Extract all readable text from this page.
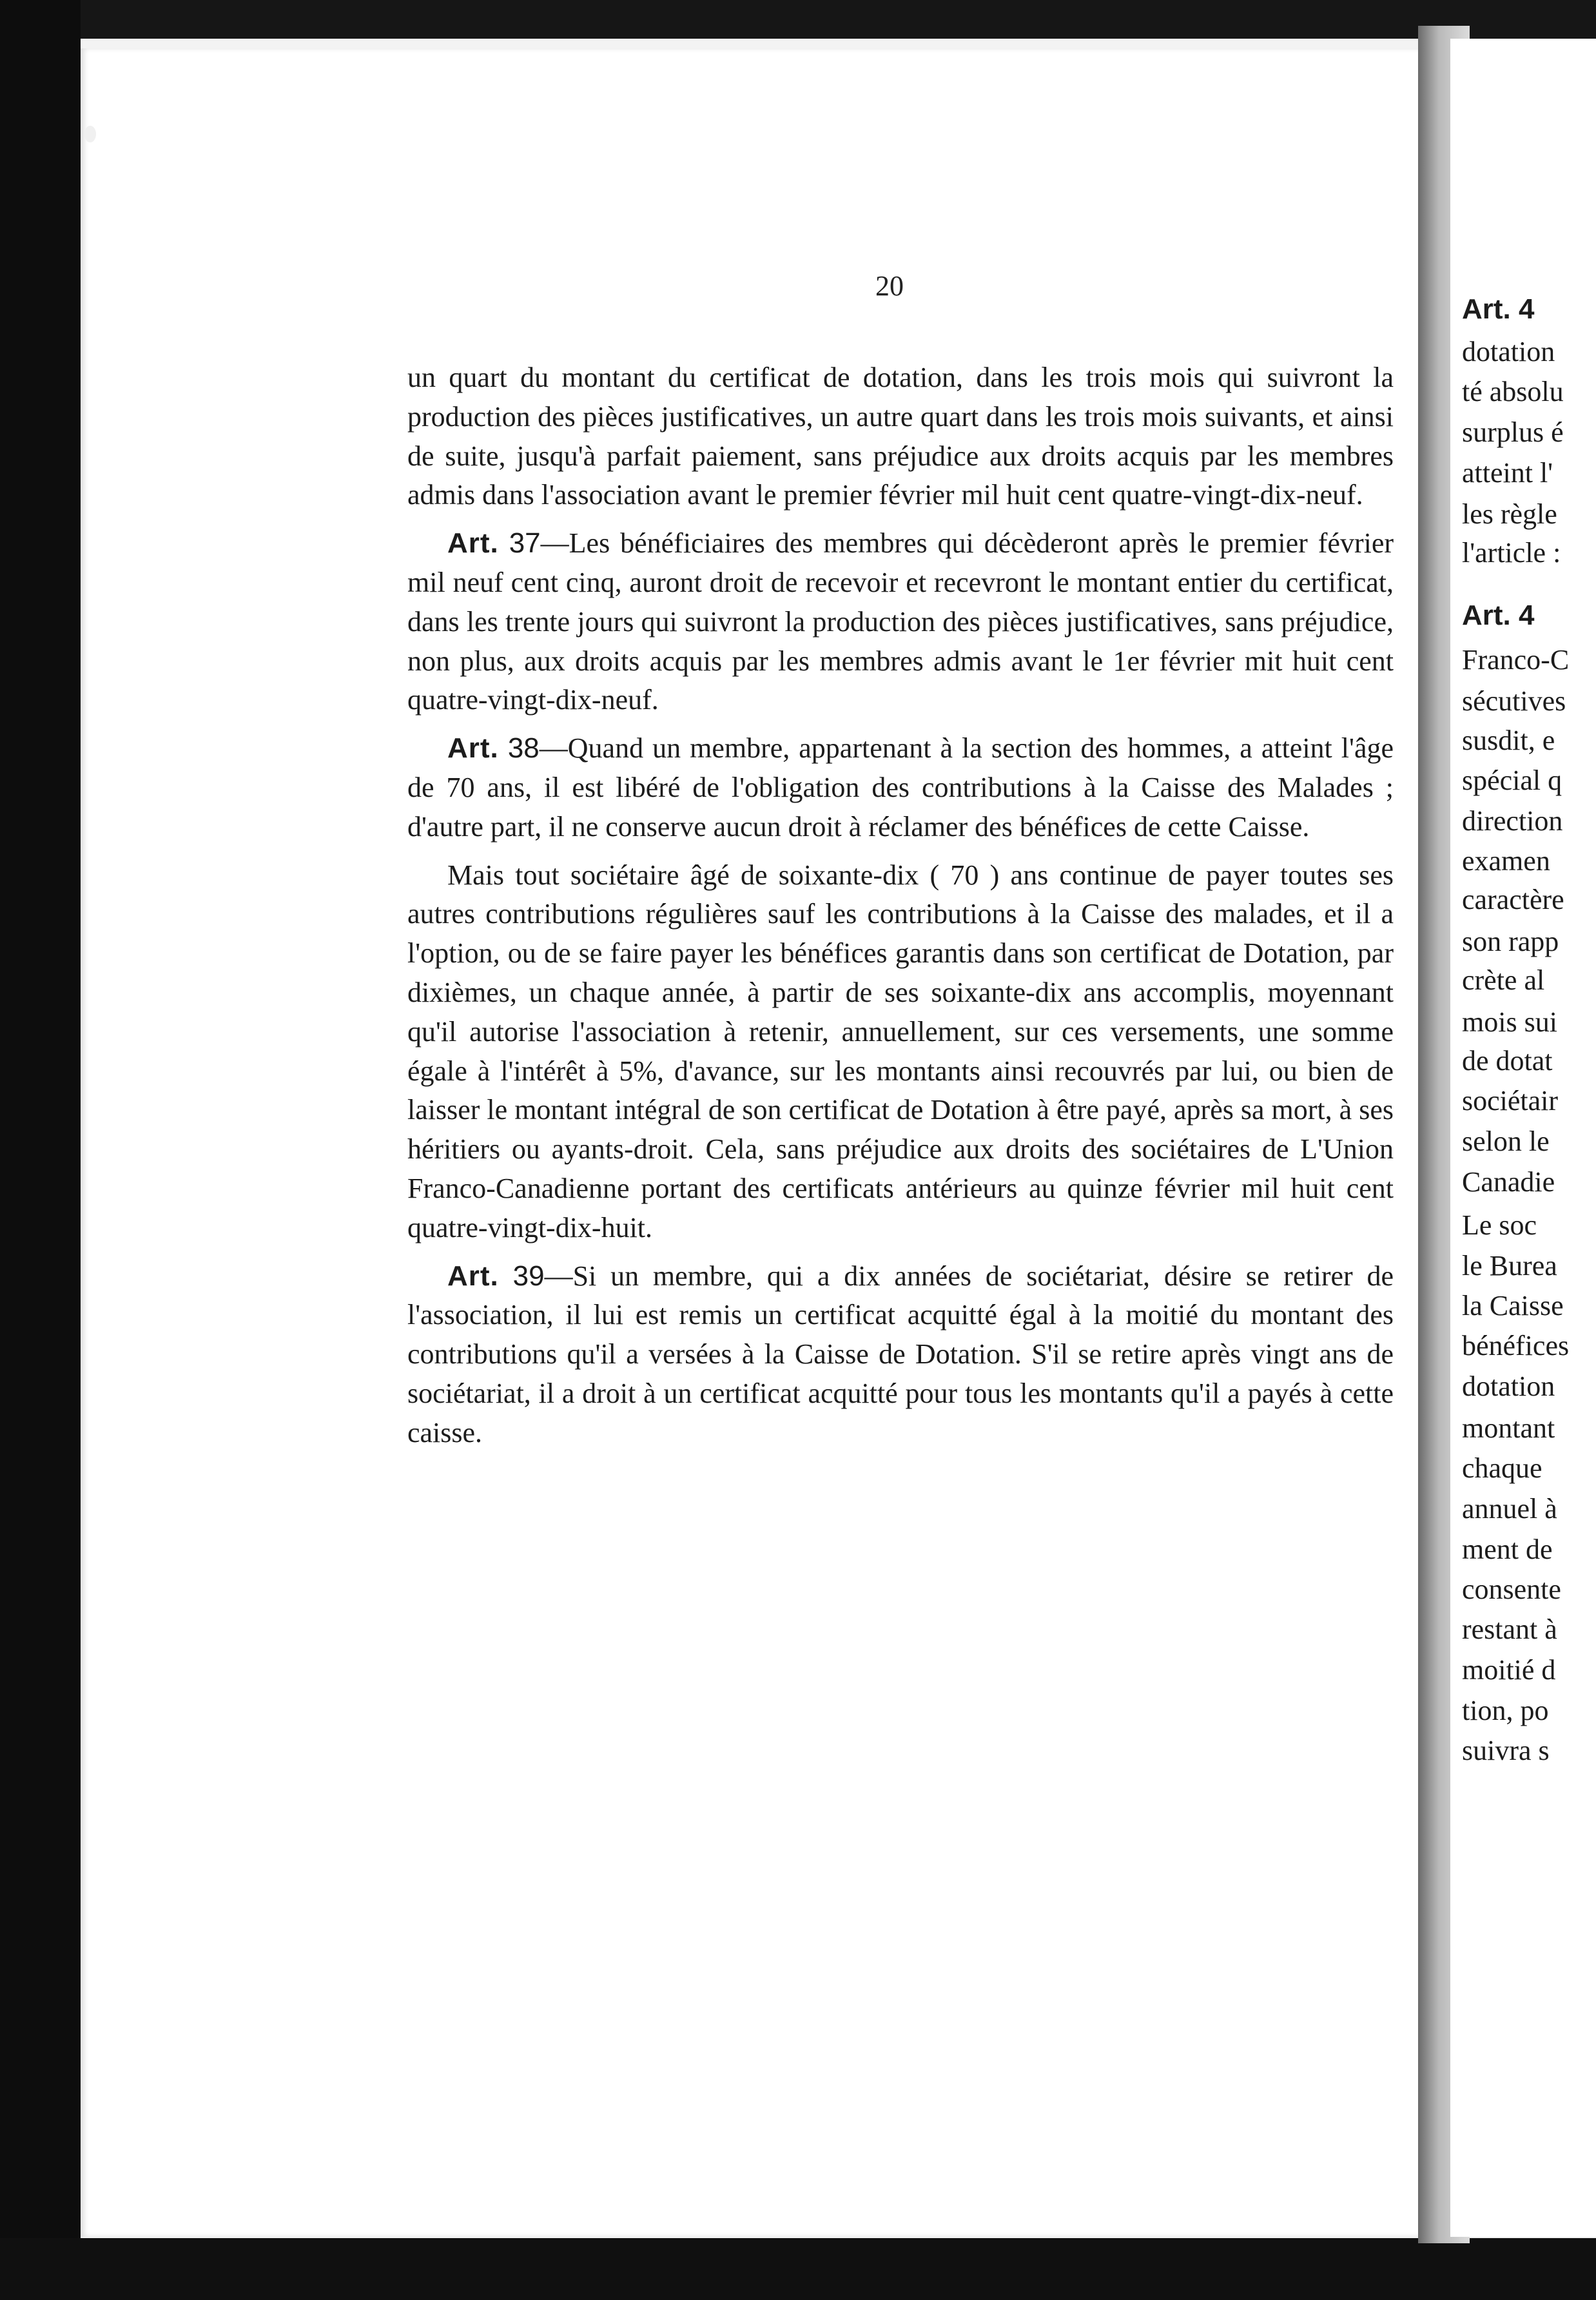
Art. 4
dotation
té absolu
surplus é
atteint l'
les règle
l'article :
Art. 4
Franco-C
sécutives
susdit, e
spécial q
direction
examen
caractère
son rapp
crète al
mois sui
de dotat
sociétair
selon le
Canadie
Le soc
le Burea
la Caisse
bénéfices
dotation
montant
chaque
annuel à
ment de
consente
restant à
moitié d
tion, po
suivra s
20

un quart du montant du certificat de dotation, dans les trois mois qui suivront la production des pièces justificatives, un autre quart dans les trois mois suivants, et ainsi de suite, jusqu'à parfait paiement, sans préjudice aux droits acquis par les membres admis dans l'association avant le premier février mil huit cent quatre-vingt-dix-neuf.

Art. 37—Les bénéficiaires des membres qui décèderont après le premier février mil neuf cent cinq, auront droit de recevoir et recevront le montant entier du certificat, dans les trente jours qui suivront la production des pièces justificatives, sans préjudice, non plus, aux droits acquis par les membres admis avant le 1er février mit huit cent quatre-vingt-dix-neuf.

Art. 38—Quand un membre, appartenant à la section des hommes, a atteint l'âge de 70 ans, il est libéré de l'obligation des contributions à la Caisse des Malades ; d'autre part, il ne conserve aucun droit à réclamer des bénéfices de cette Caisse.

Mais tout sociétaire âgé de soixante-dix ( 70 ) ans continue de payer toutes ses autres contributions régulières sauf les contributions à la Caisse des malades, et il a l'option, ou de se faire payer les bénéfices garantis dans son certificat de Dotation, par dixièmes, un chaque année, à partir de ses soixante-dix ans accomplis, moyennant qu'il autorise l'association à retenir, annuellement, sur ces versements, une somme égale à l'intérêt à 5%, d'avance, sur les montants ainsi recouvrés par lui, ou bien de laisser le montant intégral de son certificat de Dotation à être payé, après sa mort, à ses héritiers ou ayants-droit. Cela, sans préjudice aux droits des sociétaires de L'Union Franco-Canadienne portant des certificats antérieurs au quinze février mil huit cent quatre-vingt-dix-huit.

Art. 39—Si un membre, qui a dix années de sociétariat, désire se retirer de l'association, il lui est remis un certificat acquitté égal à la moitié du montant des contributions qu'il a versées à la Caisse de Dotation. S'il se retire après vingt ans de sociétariat, il a droit à un certificat acquitté pour tous les montants qu'il a payés à cette caisse.
